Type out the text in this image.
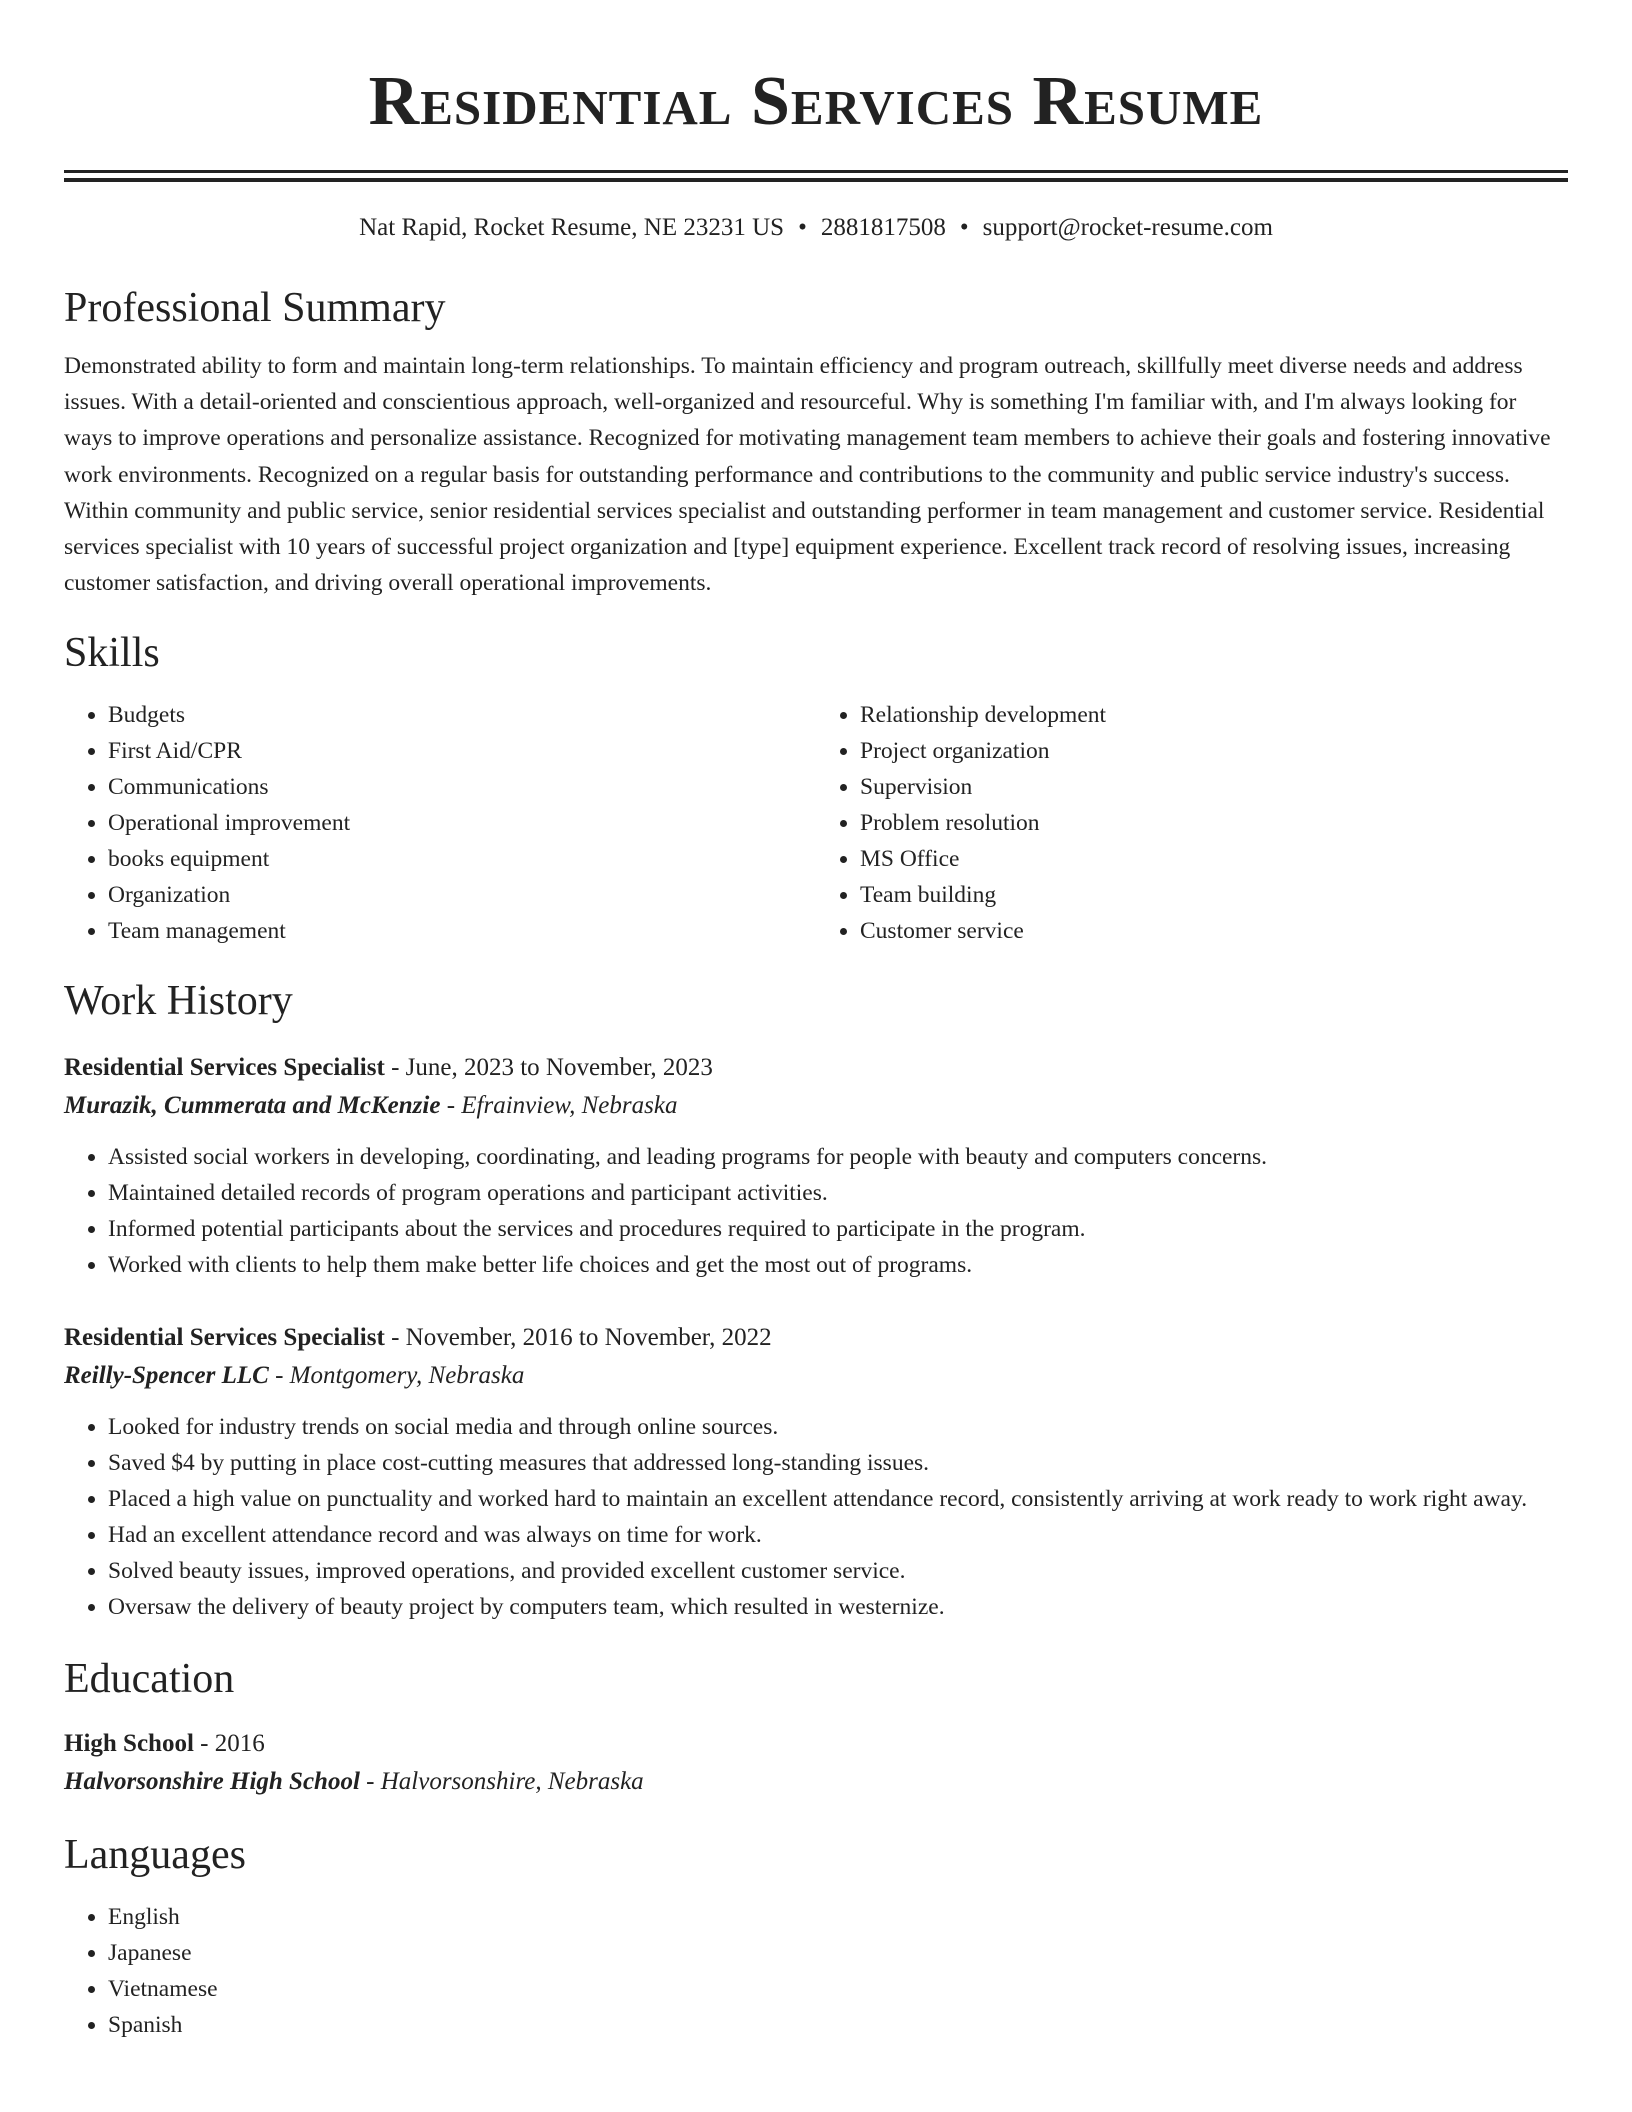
Residential Services Resume
Nat Rapid, Rocket Resume, NE 23231 US • 2881817508 • support@rocket-resume.com
Professional Summary

Demonstrated ability to form and maintain long-term relationships. To maintain efficiency and program outreach, skillfully meet diverse needs and address issues. With a detail-oriented and conscientious approach, well-organized and resourceful. Why is something I'm familiar with, and I'm always looking for ways to improve operations and personalize assistance. Recognized for motivating management team members to achieve their goals and fostering innovative work environments. Recognized on a regular basis for outstanding performance and contributions to the community and public service industry's success. Within community and public service, senior residential services specialist and outstanding performer in team management and customer service. Residential services specialist with 10 years of successful project organization and [type] equipment experience. Excellent track record of resolving issues, increasing customer satisfaction, and driving overall operational improvements.

Skills
• Budgets
• First Aid/CPR
• Communications
• Operational improvement
• books equipment
• Organization
• Team management
• Relationship development
• Project organization
• Supervision
• Problem resolution
• MS Office
• Team building
• Customer service
Work History
Residential Services Specialist - June, 2023 to November, 2023
Murazik, Cummerata and McKenzie - Efrainview, Nebraska
• Assisted social workers in developing, coordinating, and leading programs for people with beauty and computers concerns.
• Maintained detailed records of program operations and participant activities.
• Informed potential participants about the services and procedures required to participate in the program.
• Worked with clients to help them make better life choices and get the most out of programs.
Residential Services Specialist - November, 2016 to November, 2022
Reilly-Spencer LLC - Montgomery, Nebraska
• Looked for industry trends on social media and through online sources.
• Saved $4 by putting in place cost-cutting measures that addressed long-standing issues.
• Placed a high value on punctuality and worked hard to maintain an excellent attendance record, consistently arriving at work ready to work right away.
• Had an excellent attendance record and was always on time for work.
• Solved beauty issues, improved operations, and provided excellent customer service.
• Oversaw the delivery of beauty project by computers team, which resulted in westernize.
Education
High School - 2016
Halvorsonshire High School - Halvorsonshire, Nebraska
Languages
• English
• Japanese
• Vietnamese
• Spanish
